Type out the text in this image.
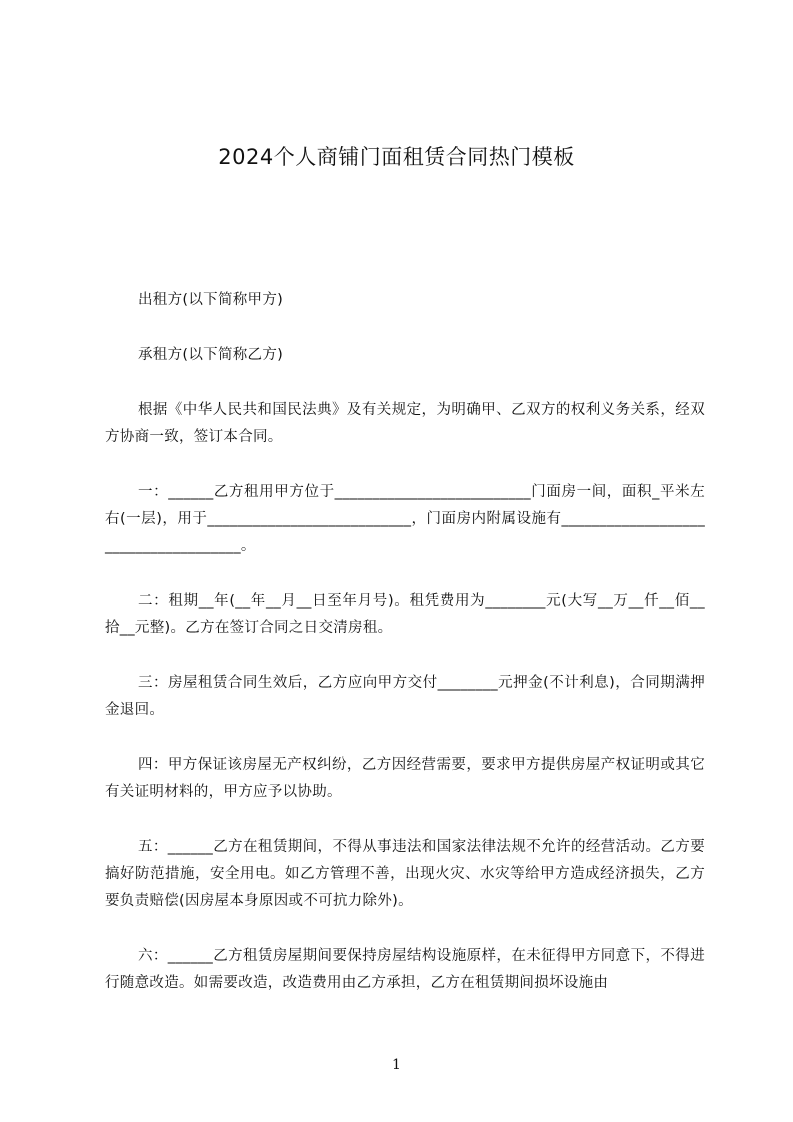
2024个人商铺门面租赁合同热门模板

出租方(以下简称甲方)

承租方(以下简称乙方)

根据《中华人民共和国民法典》及有关规定，为明确甲、乙双方的权利义务关系，经双方协商一致，签订本合同。

一：______乙方租用甲方位于__________________________门面房一间，面积_平米左右(一层)，用于___________________________，门面房内附属设施有_____________________________________。

二：租期__年(__年__月__日至年月号)。租凭费用为________元(大写__万__仟__佰__拾__元整)。乙方在签订合同之日交清房租。

三：房屋租赁合同生效后，乙方应向甲方交付________元押金(不计利息)，合同期满押金退回。

四：甲方保证该房屋无产权纠纷，乙方因经营需要，要求甲方提供房屋产权证明或其它有关证明材料的，甲方应予以协助。

五：______乙方在租赁期间，不得从事违法和国家法律法规不允许的经营活动。乙方要搞好防范措施，安全用电。如乙方管理不善，出现火灾、水灾等给甲方造成经济损失，乙方要负责赔偿(因房屋本身原因或不可抗力除外)。

六：______乙方租赁房屋期间要保持房屋结构设施原样，在未征得甲方同意下，不得进行随意改造。如需要改造，改造费用由乙方承担，乙方在租赁期间损坏设施由

1
